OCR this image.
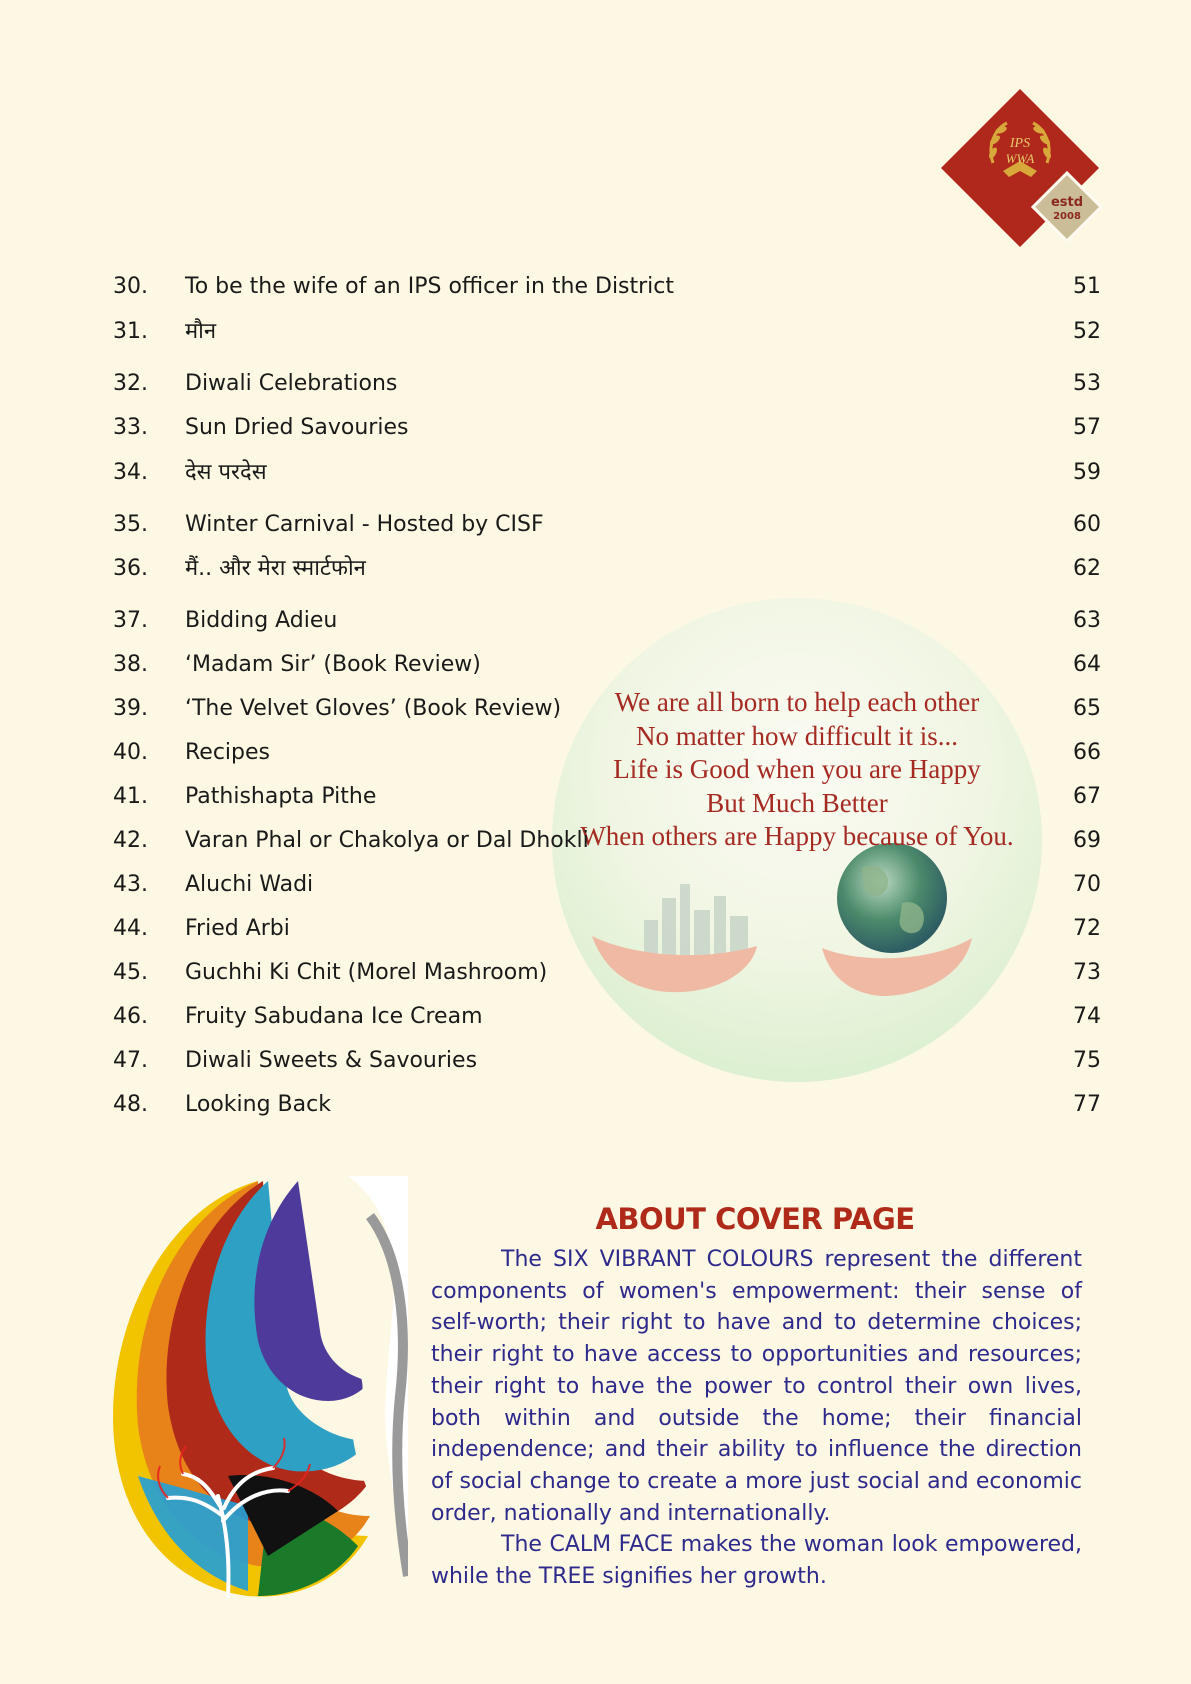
IPS
WWA
estd
2008
We are all born to help each other
No matter how difficult it is...
Life is Good when you are Happy
But Much Better
When others are Happy because of You.
30. To be the wife of an IPS officer in the District	51
31. मौन	52
32. Diwali Celebrations	53
33. Sun Dried Savouries	57
34. देस परदेस	59
35. Winter Carnival - Hosted by CISF	60
36. मैं.. और मेरा स्मार्टफोन	62
37. Bidding Adieu	63
38. ‘Madam Sir’ (Book Review)	64
39. ‘The Velvet Gloves’ (Book Review)	65
40. Recipes	66
41. Pathishapta Pithe	67
42. Varan Phal or Chakolya or Dal Dhokli	69
43. Aluchi Wadi	70
44. Fried Arbi	72
45. Guchhi Ki Chit (Morel Mashroom)	73
46. Fruity Sabudana Ice Cream	74
47. Diwali Sweets & Savouries	75
48. Looking Back	77
ABOUT COVER PAGE

The SIX VIBRANT COLOURS represent the different components of women's empowerment: their sense of self-worth; their right to have and to determine choices; their right to have access to opportunities and resources; their right to have the power to control their own lives, both within and outside the home; their financial independence; and their ability to influence the direction of social change to create a more just social and economic order, nationally and internationally.

The CALM FACE makes the woman look empowered, while the TREE signifies her growth.
